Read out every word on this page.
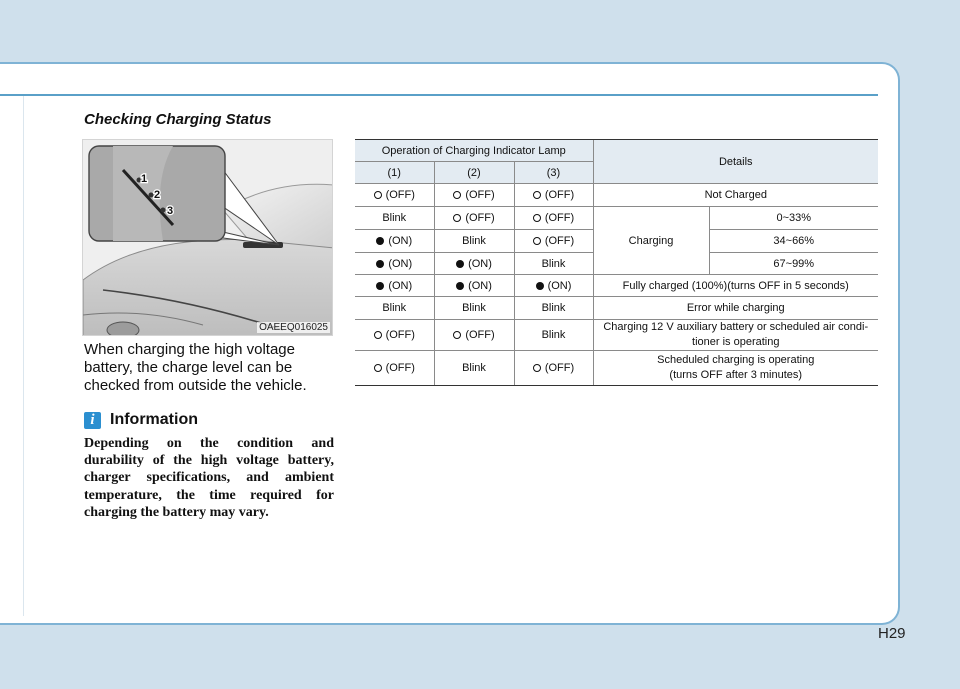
Checking Charging Status
1
2
3
OAEEQ016025
When charging the high voltage battery, the charge level can be checked from outside the vehicle.
i Information
Depending on the condition and durability of the high voltage battery, charger specifications, and ambient temperature, the time required for charging the battery may vary.
Operation of Charging Indicator Lamp			Details	
(1)	(2)	(3)		
(OFF)	(OFF)	(OFF)	Not Charged	
Blink	(OFF)	(OFF)	Charging	0~33%
(ON)	Blink	(OFF)		34~66%
(ON)	(ON)	Blink		67~99%
(ON)	(ON)	(ON)	Fully charged (100%)(turns OFF in 5 seconds)	
Blink	Blink	Blink	Error while charging	
(OFF)	(OFF)	Blink	Charging 12 V auxiliary battery or scheduled air condi-
tioner is operating	

(OFF)	Blink	(OFF)	Scheduled charging is operating
(turns OFF after 3 minutes)	
H29
